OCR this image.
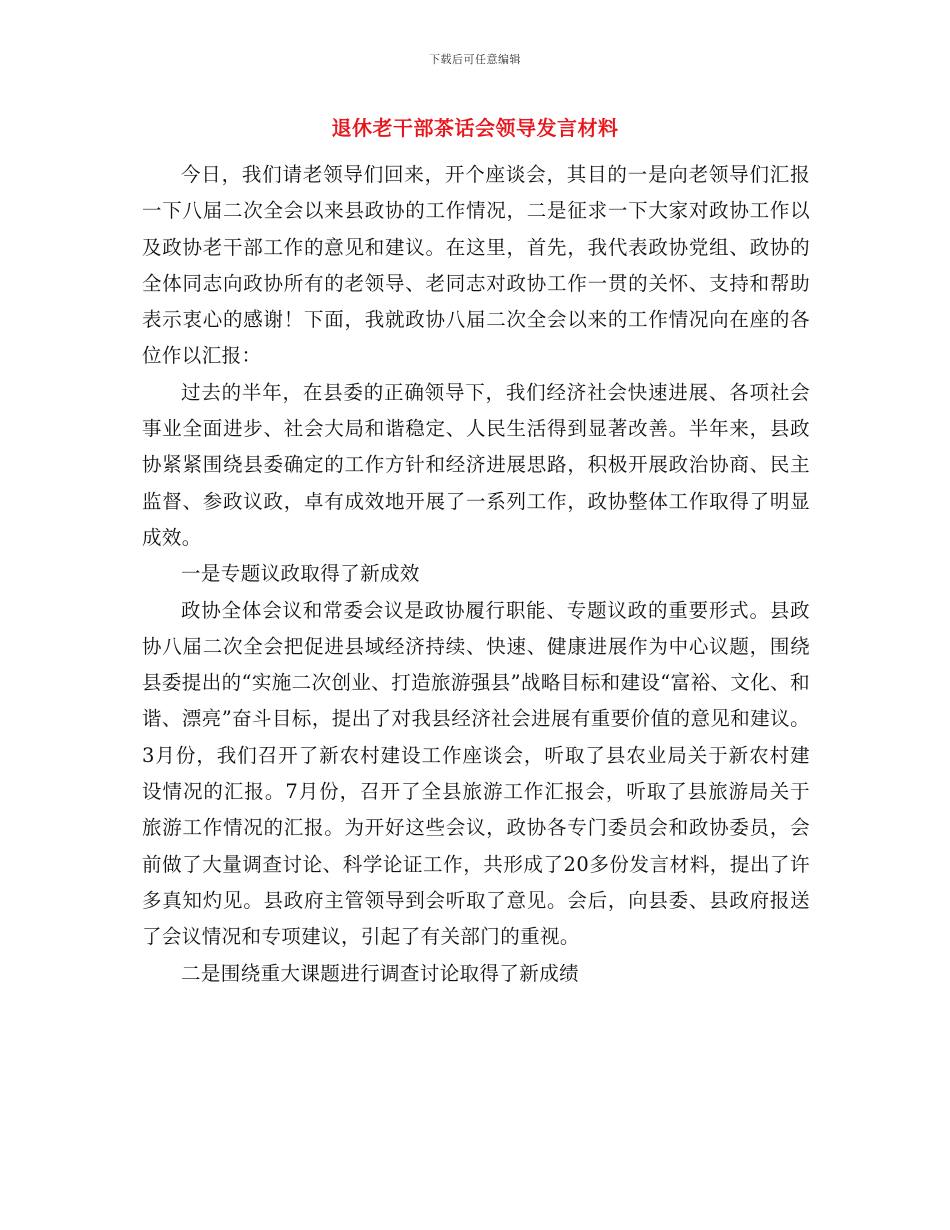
下载后可任意编辑
退休老干部茶话会领导发言材料

今日，我们请老领导们回来，开个座谈会，其目的一是向老领导们汇报一下八届二次全会以来县政协的工作情况，二是征求一下大家对政协工作以及政协老干部工作的意见和建议。在这里，首先，我代表政协党组、政协的全体同志向政协所有的老领导、老同志对政协工作一贯的关怀、支持和帮助表示衷心的感谢！下面，我就政协八届二次全会以来的工作情况向在座的各位作以汇报：

过去的半年，在县委的正确领导下，我们经济社会快速进展、各项社会事业全面进步、社会大局和谐稳定、人民生活得到显著改善。半年来，县政协紧紧围绕县委确定的工作方针和经济进展思路，积极开展政治协商、民主监督、参政议政，卓有成效地开展了一系列工作，政协整体工作取得了明显成效。

一是专题议政取得了新成效

政协全体会议和常委会议是政协履行职能、专题议政的重要形式。县政协八届二次全会把促进县域经济持续、快速、健康进展作为中心议题，围绕县委提出的“实施二次创业、打造旅游强县”战略目标和建设“富裕、文化、和谐、漂亮”奋斗目标，提出了对我县经济社会进展有重要价值的意见和建议。3月份，我们召开了新农村建设工作座谈会，听取了县农业局关于新农村建设情况的汇报。7月份，召开了全县旅游工作汇报会，听取了县旅游局关于旅游工作情况的汇报。为开好这些会议，政协各专门委员会和政协委员，会前做了大量调查讨论、科学论证工作，共形成了20多份发言材料，提出了许多真知灼见。县政府主管领导到会听取了意见。会后，向县委、县政府报送了会议情况和专项建议，引起了有关部门的重视。

二是围绕重大课题进行调查讨论取得了新成绩
